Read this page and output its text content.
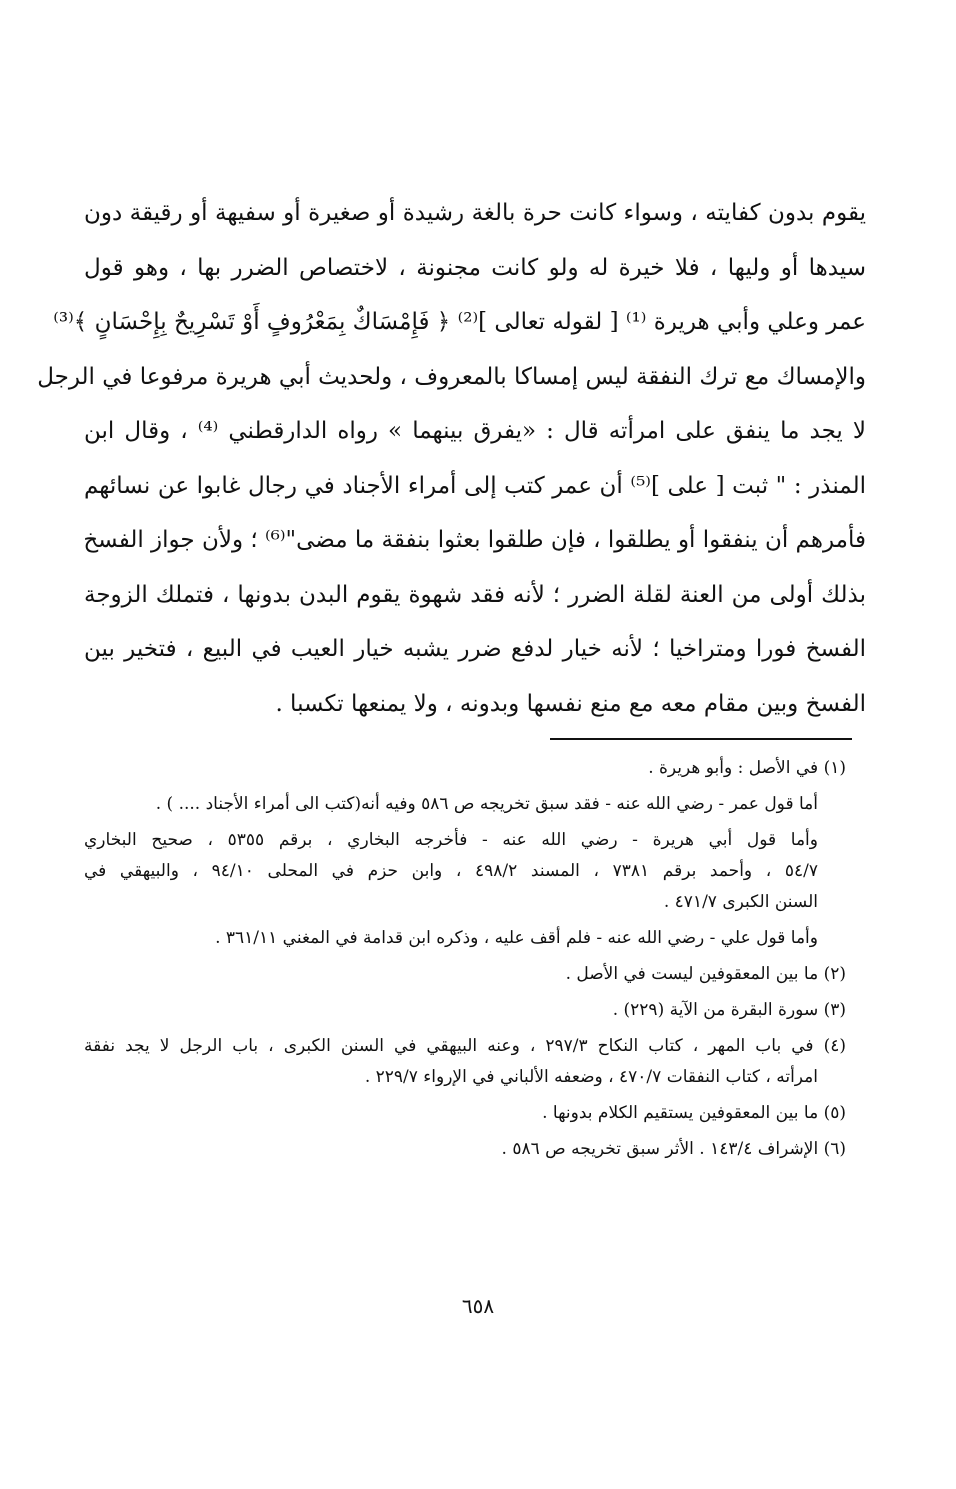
يقوم بدون كفايته ، وسواء كانت حرة بالغة رشيدة أو صغيرة أو سفيهة أو رقيقة دون
سيدها أو وليها ، فلا خيرة له ولو كانت مجنونة ، لاختصاص الضرر بها ، وهو قول
عمر وعلي وأبي هريرة ⁽¹⁾ [ لقوله تعالى ]⁽²⁾ ﴿ فَإِمْسَاكٌ بِمَعْرُوفٍ أَوْ تَسْرِيحٌ بِإِحْسَانٍ ﴾⁽³⁾
والإمساك مع ترك النفقة ليس إمساكا بالمعروف ، ولحديث أبي هريرة مرفوعا في الرجل
لا يجد ما ينفق على امرأته قال : «يفرق بينهما » رواه الدارقطني ⁽⁴⁾ ، وقال ابن
المنذر : " ثبت [ على ]⁽⁵⁾ أن عمر كتب إلى أمراء الأجناد في رجال غابوا عن نسائهم
فأمرهم أن ينفقوا أو يطلقوا ، فإن طلقوا بعثوا بنفقة ما مضى"⁽⁶⁾ ؛ ولأن جواز الفسخ
بذلك أولى من العنة لقلة الضرر ؛ لأنه فقد شهوة يقوم البدن بدونها ، فتملك الزوجة
الفسخ فورا ومتراخيا ؛ لأنه خيار لدفع ضرر يشبه خيار العيب في البيع ، فتخير بين
الفسخ وبين مقام معه مع منع نفسها وبدونه ، ولا يمنعها تكسبا .

(١) في الأصل : وأبو هريرة .

أما قول عمر - رضي الله عنه - فقد سبق تخريجه ص ٥٨٦ وفيه أنه(كتب الى أمراء الأجناد .... ) .

وأما قول أبي هريرة - رضي الله عنه - فأخرجه البخاري ، برقم ٥٣٥٥ ، صحيح البخاري

٥٤/٧ ، وأحمد برقم ٧٣٨١ ، المسند ٤٩٨/٢ ، وابن حزم في المحلى ٩٤/١٠ ، والبيهقي في

السنن الكبرى ٤٧١/٧ .

وأما قول علي - رضي الله عنه - فلم أقف عليه ، وذكره ابن قدامة في المغني ٣٦١/١١ .

(٢) ما بين المعقوفين ليست في الأصل .

(٣) سورة البقرة من الآية (٢٢٩) .

(٤) في باب المهر ، كتاب النكاح ٢٩٧/٣ ، وعنه البيهقي في السنن الكبرى ، باب الرجل لا يجد نفقة

امرأته ، كتاب النفقات ٤٧٠/٧ ، وضعفه الألباني في الإرواء ٢٢٩/٧ .

(٥) ما بين المعقوفين يستقيم الكلام بدونها .

(٦) الإشراف ١٤٣/٤ . الأثر سبق تخريجه ص ٥٨٦ .

٦٥٨
